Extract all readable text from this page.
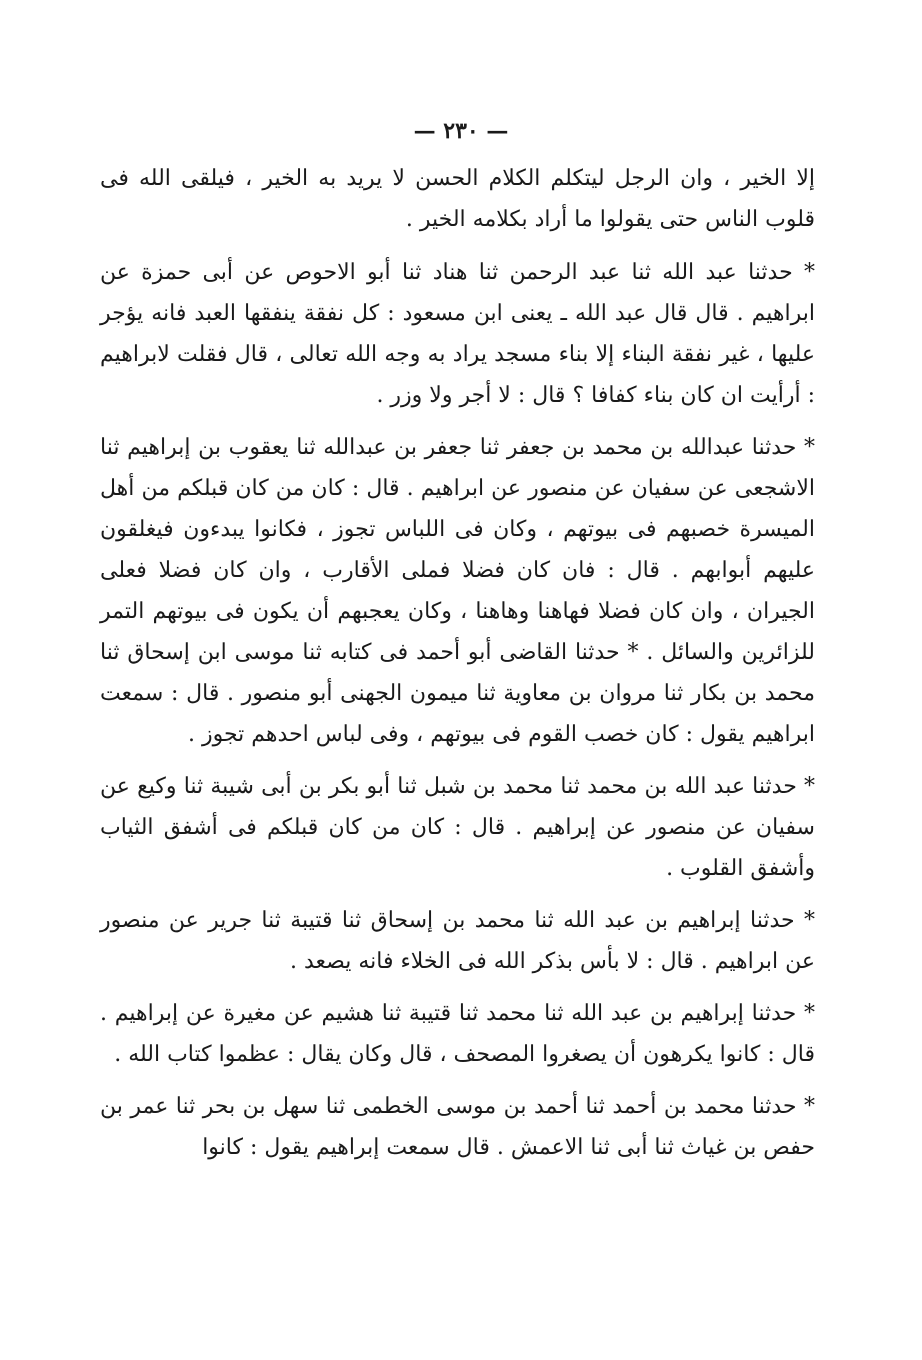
— ٢٣٠ —

إلا الخير ، وان الرجل ليتكلم الكلام الحسن لا يريد به الخير ، فيلقى الله فى قلوب الناس حتى يقولوا ما أراد بكلامه الخير .

* حدثنا عبد الله ثنا عبد الرحمن ثنا هناد ثنا أبو الاحوص عن أبى حمزة عن ابراهيم . قال قال عبد الله ـ يعنى ابن مسعود : كل نفقة ينفقها العبد فانه يؤجر عليها ، غير نفقة البناء إلا بناء مسجد يراد به وجه الله تعالى ، قال فقلت لابراهيم : أرأيت ان كان بناء كفافا ؟ قال : لا أجر ولا وزر .

* حدثنا عبدالله بن محمد بن جعفر ثنا جعفر بن عبدالله ثنا يعقوب بن إبراهيم ثنا الاشجعى عن سفيان عن منصور عن ابراهيم . قال : كان من كان قبلكم من أهل الميسرة خصبهم فى بيوتهم ، وكان فى اللباس تجوز ، فكانوا يبدءون فيغلقون عليهم أبوابهم . قال : فان كان فضلا فملى الأقارب ، وان كان فضلا فعلى الجيران ، وان كان فضلا فهاهنا وهاهنا ، وكان يعجبهم أن يكون فى بيوتهم التمر للزائرين والسائل . * حدثنا القاضى أبو أحمد فى كتابه ثنا موسى ابن إسحاق ثنا محمد بن بكار ثنا مروان بن معاوية ثنا ميمون الجهنى أبو منصور . قال : سمعت ابراهيم يقول : كان خصب القوم فى بيوتهم ، وفى لباس احدهم تجوز .

* حدثنا عبد الله بن محمد ثنا محمد بن شبل ثنا أبو بكر بن أبى شيبة ثنا وكيع عن سفيان عن منصور عن إبراهيم . قال : كان من كان قبلكم فى أشفق الثياب وأشفق القلوب .

* حدثنا إبراهيم بن عبد الله ثنا محمد بن إسحاق ثنا قتيبة ثنا جرير عن منصور عن ابراهيم . قال : لا بأس بذكر الله فى الخلاء فانه يصعد .

* حدثنا إبراهيم بن عبد الله ثنا محمد ثنا قتيبة ثنا هشيم عن مغيرة عن إبراهيم . قال : كانوا يكرهون أن يصغروا المصحف ، قال وكان يقال : عظموا كتاب الله .

* حدثنا محمد بن أحمد ثنا أحمد بن موسى الخطمى ثنا سهل بن بحر ثنا عمر بن حفص بن غياث ثنا أبى ثنا الاعمش . قال سمعت إبراهيم يقول : كانوا
